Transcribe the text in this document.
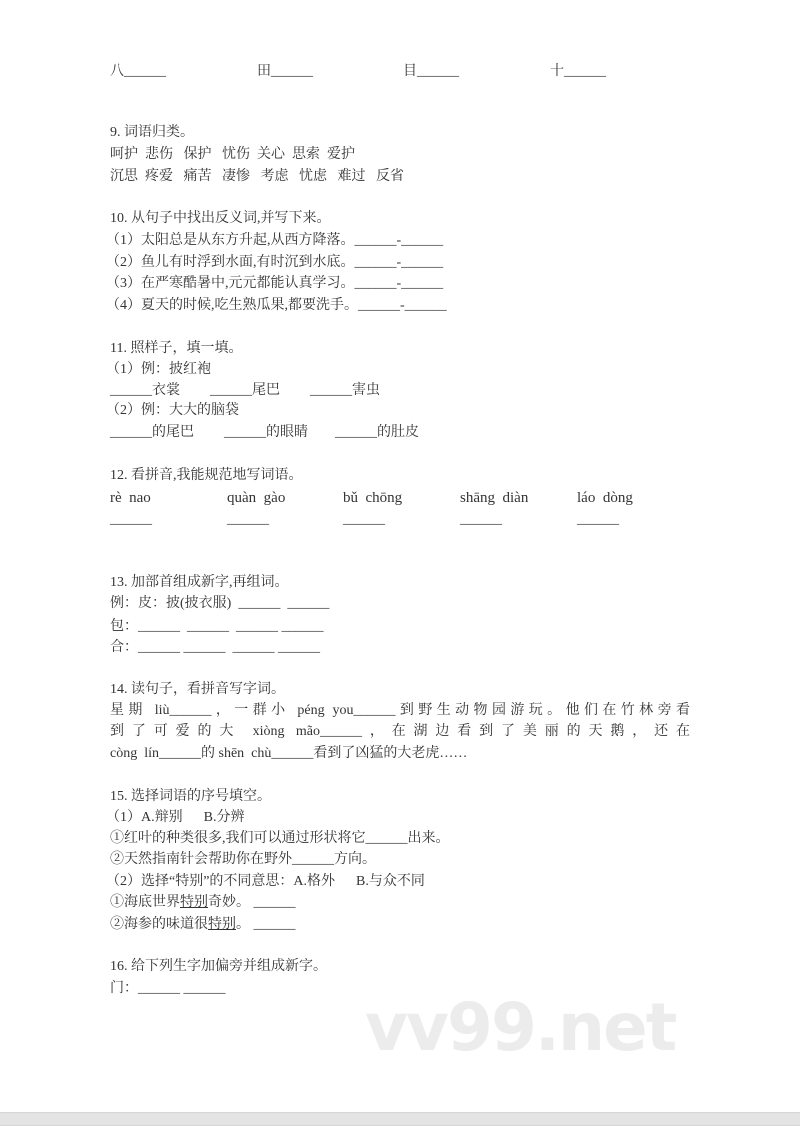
八______	田______	目______	十______
9. 词语归类。
呵护  悲伤   保护   忧伤  关心  思索  爱护
沉思  疼爱   痛苦   凄惨   考虑   忧虑   难过   反省
10. 从句子中找出反义词,并写下来。
（1）太阳总是从东方升起,从西方降落。______-______
（2）鱼儿有时浮到水面,有时沉到水底。______-______
（3）在严寒酷暑中,元元都能认真学习。______-______
（4）夏天的时候,吃生熟瓜果,都要洗手。______-______
11. 照样子，填一填。
（1）例：披红袍
______衣裳 ______尾巴 ______害虫
（2）例：大大的脑袋
______的尾巴 ______的眼睛 ______的肚皮
12. 看拼音,我能规范地写词语。
rè  nao	quàn  gào	bǔ  chōng	shāng  diàn	láo  dòng
______	______	______	______	______
13. 加部首组成新字,再组词。
例：皮：披(披衣服)  ______  ______
包：______  ______  ______ ______
合：______ ______  ______ ______
14. 读句子，看拼音写字词。
星期 liù______，一群小 péng you______到野生动物园游玩。他们在竹林旁看
到了可爱的大 xiòng mão______，在湖边看到了美丽的天鹅，还在
còng  lín______的 shēn  chù______看到了凶猛的大老虎……
15. 选择词语的序号填空。
（1）A.辩别      B.分辨
①红叶的种类很多,我们可以通过形状将它______出来。
②天然指南针会帮助你在野外______方向。
（2）选择“特别”的不同意思：A.格外      B.与众不同
①海底世界特别奇妙。 ______
②海参的味道很特别。 ______
16. 给下列生字加偏旁并组成新字。
门：______ ______
vv99.net
